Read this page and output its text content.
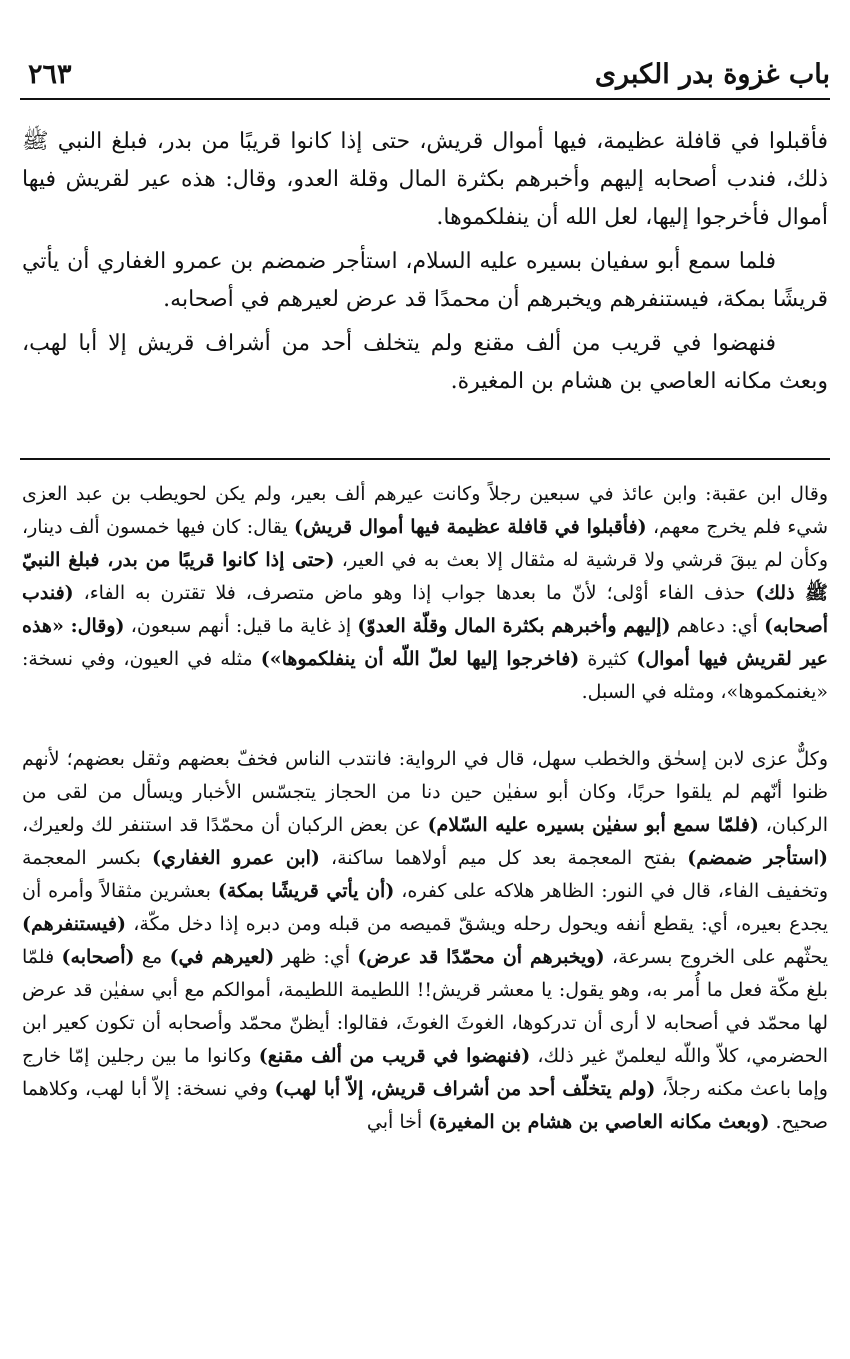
باب غزوة بدر الكبرى
٢٦٣

فأقبلوا في قافلة عظيمة، فيها أموال قريش، حتى إذا كانوا قريبًا من بدر، فبلغ النبي ﷺ ذلك، فندب أصحابه إليهم وأخبرهم بكثرة المال وقلة العدو، وقال: هذه عير لقريش فيها أموال فأخرجوا إليها، لعل الله أن ينفلكموها.

فلما سمع أبو سفيان بسيره عليه السلام، استأجر ضمضم بن عمرو الغفاري أن يأتي قريشًا بمكة، فيستنفرهم ويخبرهم أن محمدًا قد عرض لعيرهم في أصحابه.

فنهضوا في قريب من ألف مقنع ولم يتخلف أحد من أشراف قريش إلا أبا لهب، وبعث مكانه العاصي بن هشام بن المغيرة.

وقال ابن عقبة: وابن عائذ في سبعين رجلاً وكانت عيرهم ألف بعير، ولم يكن لحويطب بن عبد العزى شيء فلم يخرج معهم، (فأقبلوا في قافلة عظيمة فيها أموال قريش) يقال: كان فيها خمسون ألف دينار، وكأن لم يبقَ قرشي ولا قرشية له مثقال إلا بعث به في العير، (حتى إذا كانوا قريبًا من بدر، فبلغ النبيّ ﷺ ذلك) حذف الفاء أوْلى؛ لأنّ ما بعدها جواب إذا وهو ماض متصرف، فلا تقترن به الفاء، (فندب أصحابه) أي: دعاهم (إليهم وأخبرهم بكثرة المال وقلّة العدوّ) إذ غاية ما قيل: أنهم سبعون، (وقال: «هذه عير لقريش فيها أموال) كثيرة (فاخرجوا إليها لعلّ اللّه أن ينفلكموها») مثله في العيون، وفي نسخة: «يغنمكموها»، ومثله في السبل.

وكلٌّ عزى لابن إسحٰق والخطب سهل، قال في الرواية: فانتدب الناس فخفّ بعضهم وثقل بعضهم؛ لأنهم ظنوا أنّهم لم يلقوا حربًا، وكان أبو سفيٰن حين دنا من الحجاز يتجسّس الأخبار ويسأل من لقى من الركبان، (فلمّا سمع أبو سفيٰن بسيره عليه السّلام) عن بعض الركبان أن محمّدًا قد استنفر لك ولعيرك، (استأجر ضمضم) بفتح المعجمة بعد كل ميم أولاهما ساكنة، (ابن عمرو الغفاري) بكسر المعجمة وتخفيف الفاء، قال في النور: الظاهر هلاكه على كفره، (أن يأتي قريشًا بمكة) بعشرين مثقالاً وأمره أن يجدع بعيره، أي: يقطع أنفه ويحول رحله ويشقّ قميصه من قبله ومن دبره إذا دخل مكّة، (فيستنفرهم) يحثّهم على الخروج بسرعة، (ويخبرهم أن محمّدًا قد عرض) أي: ظهر (لعيرهم في) مع (أصحابه) فلمّا بلغ مكّة فعل ما أُمر به، وهو يقول: يا معشر قريش!! اللطيمة اللطيمة، أموالكم مع أبي سفيٰن قد عرض لها محمّد في أصحابه لا أرى أن تدركوها، الغوثَ الغوثَ، فقالوا: أيظنّ محمّد وأصحابه أن تكون كعير ابن الحضرمي، كلاّ واللّه ليعلمنّ غير ذلك، (فنهضوا في قريب من ألف مقنع) وكانوا ما بين رجلين إمّا خارج وإما باعث مكنه رجلاً، (ولم يتخلّف أحد من أشراف قريش، إلاّ أبا لهب) وفي نسخة: إلاّ أبا لهب، وكلاهما صحيح. (وبعث مكانه العاصي بن هشام بن المغيرة) أخا أبي
